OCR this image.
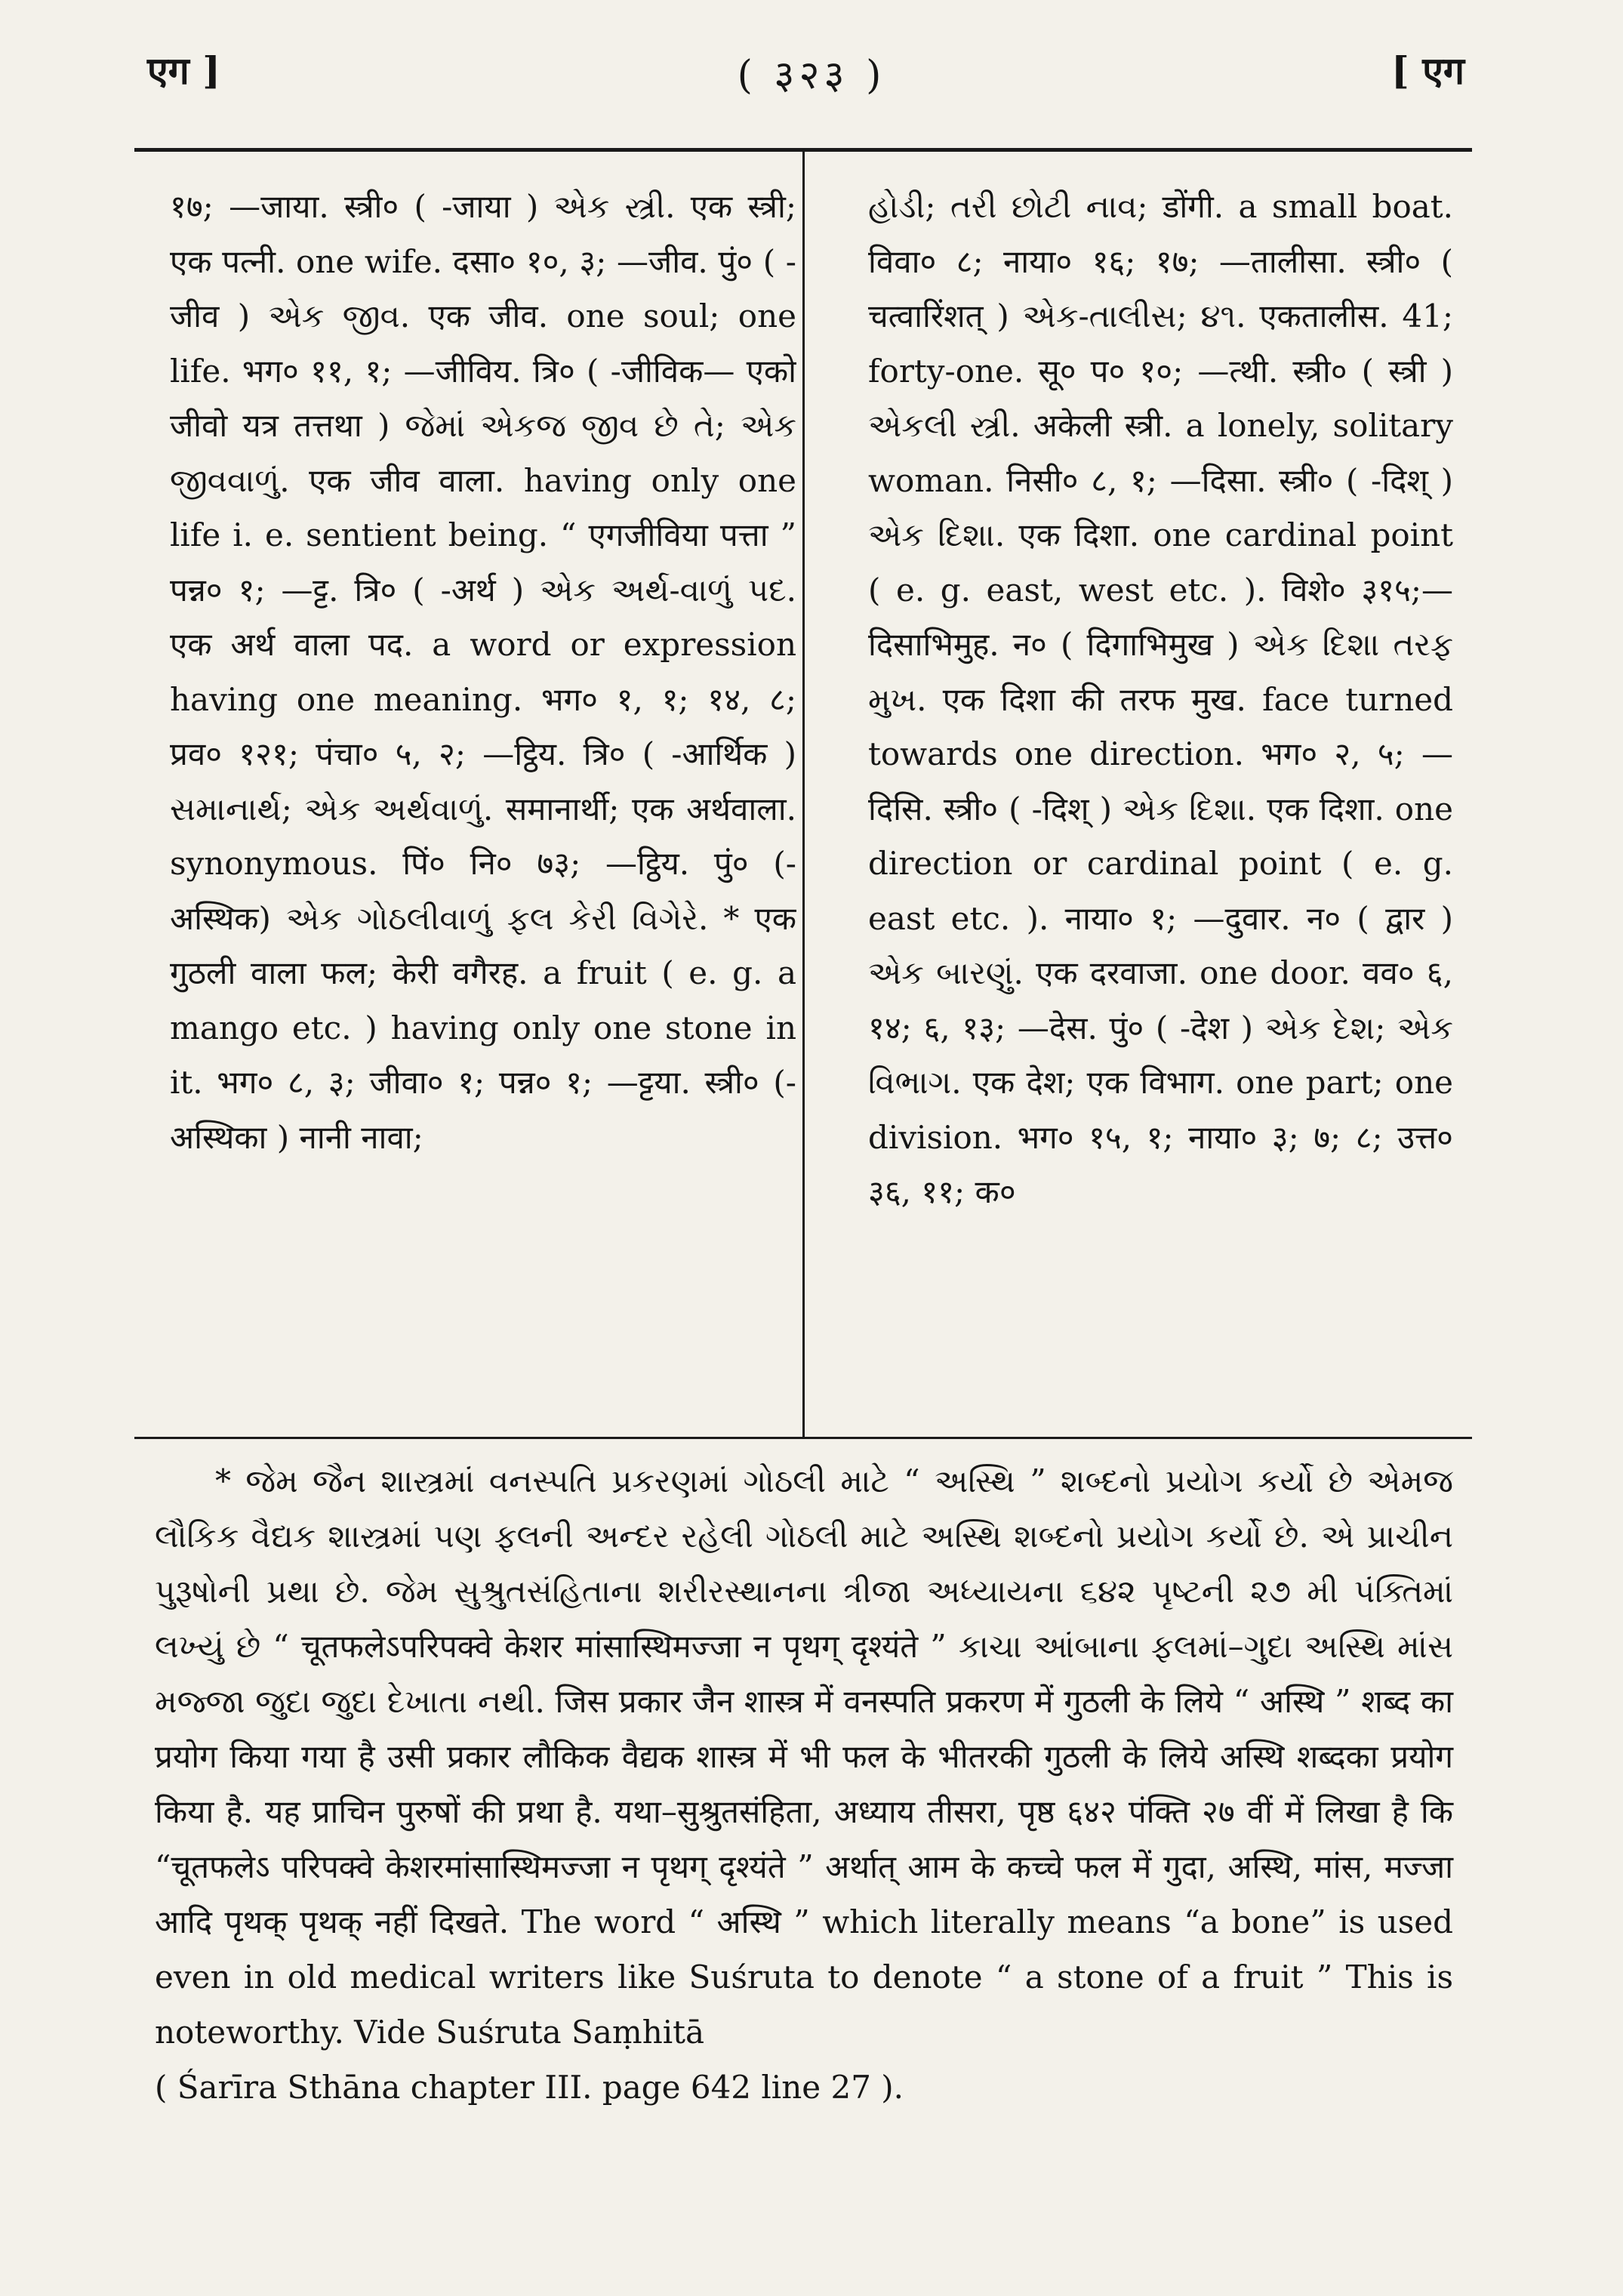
एग ]	( ३२३ )	[ एग

१७; —जाया. स्त्री० ( -जाया ) એક સ્ત્રી. एक स्त्री; एक पत्नी. one wife. दसा० १०, ३; —जीव. पुं० ( -जीव ) એક જીવ. एक जीव. one soul; one life. भग० ११, १; —जीविय. त्रि० ( -जीविक— एको जीवो यत्र तत्तथा ) જેમાં એકજ જીવ છે તે; એક જીવવાળું. एक जीव वाला. having only one life i. e. sentient being. “ एगजीविया पत्ता ” पन्न० १; —ट्ट. त्रि० ( -अर्थ ) એક અર્થ-વાળું પદ. एक अर्थ वाला पद. a word or expression having one meaning. भग० १, १; १४, ८; प्रव० १२१; पंचा० ५, २; —ट्ठिय. त्रि० ( -आर्थिक ) સમાનાર્થ; એક અર્થવાળું. समानार्थी; एक अर्थवाला. synonymous. पिं० नि० ७३; —ट्ठिय. पुं० (-अस्थिक) એક ગોઠલીવાળું ફલ કેરી વિગેરે. * एक गुठली वाला फल; केरी वगैरह. a fruit ( e. g. a mango etc. ) having only one stone in it. भग० ८, ३; जीवा० १; पन्न० १; —ट्टया. स्त्री० (-अस्थिका ) नानी नावा;

હોડી; તરી છોટી નાવ; डोंगी. a small boat. विवा० ८; नाया० १६; १७; —तालीसा. स्त्री० ( चत्वारिंशत् ) એક-તાલીસ; ૪૧. एकतालीस. 41; forty-one. सू० प० १०; —त्थी. स्त्री० ( स्त्री ) એકલી સ્ત્રી. अकेली स्त्री. a lonely, solitary woman. निसी० ८, १; —दिसा. स्त्री० ( -दिश् ) એક દિશા. एक दिशा. one cardinal point ( e. g. east, west etc. ). विशे० ३१५;—दिसाभिमुह. न० ( दिगाभिमुख ) એક દિશા તરફ મુખ. एक दिशा की तरफ मुख. face turned towards one direction. भग० २, ५; —दिसि. स्त्री० ( -दिश् ) એક દિશા. एक दिशा. one direction or cardinal point ( e. g. east etc. ). नाया० १; —दुवार. न० ( द्वार ) એક બારણું. एक दरवाजा. one door. वव० ६, १४; ६, १३; —देस. पुं० ( -देश ) એક દેશ; એક વિભાગ. एक देश; एक विभाग. one part; one division. भग० १५, १; नाया० ३; ७; ८; उत्त० ३६, ११; क०

* જેમ જૈન શાસ્ત્રમાં વનસ્પતિ પ્રકરણમાં ગોઠલી માટે “ અસ્થિ ” શબ્દનો પ્રયોગ કર્યો છે એમજ લૌકિક વૈદ્યક શાસ્ત્રમાં પણ ફલની અન્દર રહેલી ગોઠલી માટે અસ્થિ શબ્દનો પ્રયોગ કર્યો છે. એ પ્રાચીન પુરૂષોની પ્રથા છે. જેમ સુશ્રુતસંહિતાના શરીરસ્થાનના ત્રીજા અધ્યાયના ૬૪૨ પૃષ્ટની ૨૭ મી પંક્તિમાં લખ્યું છે “ चूतफलेऽपरिपक्वे केशर मांसास्थिमज्जा न पृथग् दृश्यंते ” કાચા આંબાના ફલમાં–ગુદા અસ્થિ માંસ મજ્જા જુદા જુદા દેખાતા નથી. जिस प्रकार जैन शास्त्र में वनस्पति प्रकरण में गुठली के लिये “ अस्थि ” शब्द का प्रयोग किया गया है उसी प्रकार लौकिक वैद्यक शास्त्र में भी फल के भीतरकी गुठली के लिये अस्थि शब्दका प्रयोग किया है. यह प्राचिन पुरुषों की प्रथा है. यथा–सुश्रुतसंहिता, अध्याय तीसरा, पृष्ठ ६४२ पंक्ति २७ वीं में लिखा है कि “चूतफलेऽ परिपक्वे केशरमांसास्थिमज्जा न पृथग् दृश्यंते ” अर्थात् आम के कच्चे फल में गुदा, अस्थि, मांस, मज्जा आदि पृथक् पृथक् नहीं दिखते. The word “ अस्थि ” which literally means “a bone” is used even in old medical writers like Suśruta to denote “ a stone of a fruit ” This is noteworthy. Vide Suśruta Saṃhitā

( Śarīra Sthāna chapter III. page 642 line 27 ).
